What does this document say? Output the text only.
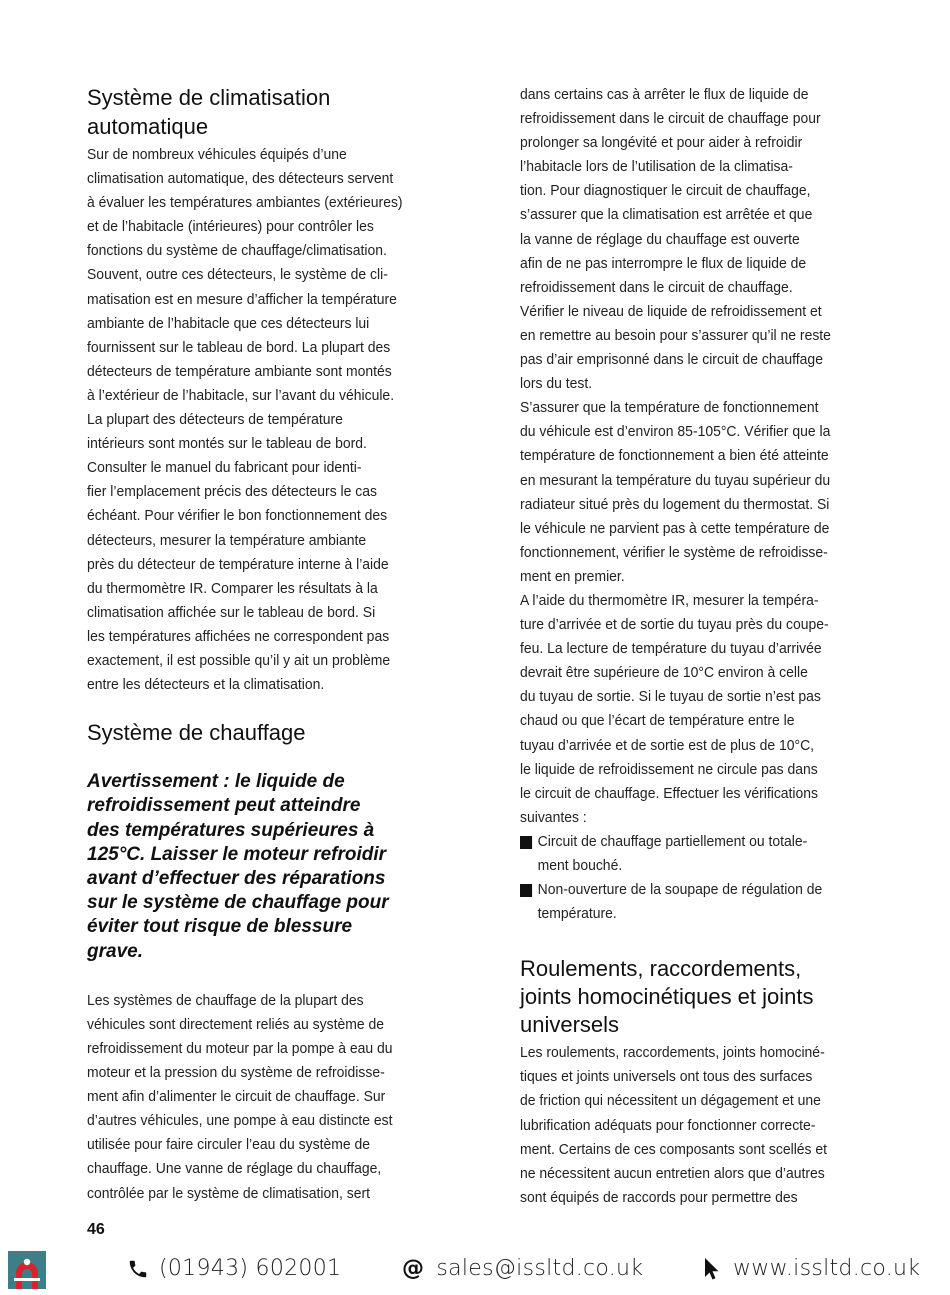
Système de climatisation
automatique
Sur de nombreux véhicules équipés d’une
climatisation automatique, des détecteurs servent
à évaluer les températures ambiantes (extérieures)
et de l’habitacle (intérieures) pour contrôler les
fonctions du système de chauffage/climatisation.
Souvent, outre ces détecteurs, le système de cli-
matisation est en mesure d’afficher la température
ambiante de l’habitacle que ces détecteurs lui
fournissent sur le tableau de bord. La plupart des
détecteurs de température ambiante sont montés
à l’extérieur de l’habitacle, sur l’avant du véhicule.
La plupart des détecteurs de température
intérieurs sont montés sur le tableau de bord.
Consulter le manuel du fabricant pour identi-
fier l’emplacement précis des détecteurs le cas
échéant. Pour vérifier le bon fonctionnement des
détecteurs, mesurer la température ambiante
près du détecteur de température interne à l’aide
du thermomètre IR. Comparer les résultats à la
climatisation affichée sur le tableau de bord. Si
les températures affichées ne correspondent pas
exactement, il est possible qu’il y ait un problème
entre les détecteurs et la climatisation.
Système de chauffage

Avertissement : le liquide de
refroidissement peut atteindre
des températures supérieures à
125°C. Laisser le moteur refroidir
avant d’effectuer des réparations
sur le système de chauffage pour
éviter tout risque de blessure
grave.

Les systèmes de chauffage de la plupart des
véhicules sont directement reliés au système de
refroidissement du moteur par la pompe à eau du
moteur et la pression du système de refroidisse-
ment afin d’alimenter le circuit de chauffage. Sur
d’autres véhicules, une pompe à eau distincte est
utilisée pour faire circuler l’eau du système de
chauffage. Une vanne de réglage du chauffage,
contrôlée par le système de climatisation, sert
dans certains cas à arrêter le flux de liquide de
refroidissement dans le circuit de chauffage pour
prolonger sa longévité et pour aider à refroidir
l’habitacle lors de l’utilisation de la climatisa-
tion. Pour diagnostiquer le circuit de chauffage,
s’assurer que la climatisation est arrêtée et que
la vanne de réglage du chauffage est ouverte
afin de ne pas interrompre le flux de liquide de
refroidissement dans le circuit de chauffage.
Vérifier le niveau de liquide de refroidissement et
en remettre au besoin pour s’assurer qu’il ne reste
pas d’air emprisonné dans le circuit de chauffage
lors du test.
S’assurer que la température de fonctionnement
du véhicule est d’environ 85-105°C. Vérifier que la
température de fonctionnement a bien été atteinte
en mesurant la température du tuyau supérieur du
radiateur situé près du logement du thermostat. Si
le véhicule ne parvient pas à cette température de
fonctionnement, vérifier le système de refroidisse-
ment en premier.
A l’aide du thermomètre IR, mesurer la tempéra-
ture d’arrivée et de sortie du tuyau près du coupe-
feu. La lecture de température du tuyau d’arrivée
devrait être supérieure de 10°C environ à celle
du tuyau de sortie. Si le tuyau de sortie n’est pas
chaud ou que l’écart de température entre le
tuyau d’arrivée et de sortie est de plus de 10°C,
le liquide de refroidissement ne circule pas dans
le circuit de chauffage. Effectuer les vérifications
suivantes :
Circuit de chauffage partiellement ou totale-
ment bouché.
Non-ouverture de la soupape de régulation de
température.
Roulements, raccordements,
joints homocinétiques et joints
universels
Les roulements, raccordements, joints homociné-
tiques et joints universels ont tous des surfaces
de friction qui nécessitent un dégagement et une
lubrification adéquats pour fonctionner correcte-
ment. Certains de ces composants sont scellés et
ne nécessitent aucun entretien alors que d’autres
sont équipés de raccords pour permettre des
46
(01943) 602001	@ sales@issltd.co.uk	www.issltd.co.uk
